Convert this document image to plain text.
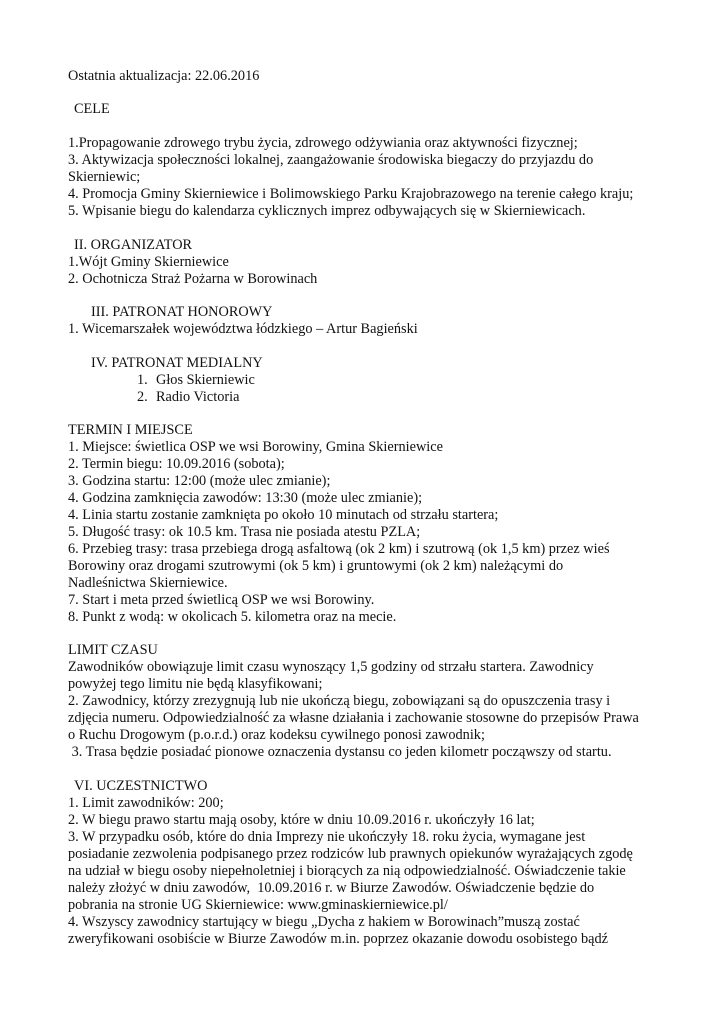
Ostatnia aktualizacja: 22.06.2016
CELE
1.Propagowanie zdrowego trybu życia, zdrowego odżywiania oraz aktywności fizycznej;
3. Aktywizacja społeczności lokalnej, zaangażowanie środowiska biegaczy do przyjazdu do
Skierniewic;
4. Promocja Gminy Skierniewice i Bolimowskiego Parku Krajobrazowego na terenie całego kraju;
5. Wpisanie biegu do kalendarza cyklicznych imprez odbywających się w Skierniewicach.
II. ORGANIZATOR
1.Wójt Gminy Skierniewice
2. Ochotnicza Straż Pożarna w Borowinach
III. PATRONAT HONOROWY
1. Wicemarszałek województwa łódzkiego – Artur Bagieński
IV. PATRONAT MEDIALNY
1. Głos Skierniewic
2. Radio Victoria
TERMIN I MIEJSCE
1. Miejsce: świetlica OSP we wsi Borowiny, Gmina Skierniewice
2. Termin biegu: 10.09.2016 (sobota);
3. Godzina startu: 12:00 (może ulec zmianie);
4. Godzina zamknięcia zawodów: 13:30 (może ulec zmianie);
4. Linia startu zostanie zamknięta po około 10 minutach od strzału startera;
5. Długość trasy: ok 10.5 km. Trasa nie posiada atestu PZLA;
6. Przebieg trasy: trasa przebiega drogą asfaltową (ok 2 km) i szutrową (ok 1,5 km) przez wieś
Borowiny oraz drogami szutrowymi (ok 5 km) i gruntowymi (ok 2 km) należącymi do
Nadleśnictwa Skierniewice.
7. Start i meta przed świetlicą OSP we wsi Borowiny.
8. Punkt z wodą: w okolicach 5. kilometra oraz na mecie.
LIMIT CZASU
Zawodników obowiązuje limit czasu wynoszący 1,5 godziny od strzału startera. Zawodnicy
powyżej tego limitu nie będą klasyfikowani;
2. Zawodnicy, którzy zrezygnują lub nie ukończą biegu, zobowiązani są do opuszczenia trasy i
zdjęcia numeru. Odpowiedzialność za własne działania i zachowanie stosowne do przepisów Prawa
o Ruchu Drogowym (p.o.r.d.) oraz kodeksu cywilnego ponosi zawodnik;
3. Trasa będzie posiadać pionowe oznaczenia dystansu co jeden kilometr począwszy od startu.
VI. UCZESTNICTWO
1. Limit zawodników: 200;
2. W biegu prawo startu mają osoby, które w dniu 10.09.2016 r. ukończyły 16 lat;
3. W przypadku osób, które do dnia Imprezy nie ukończyły 18. roku życia, wymagane jest
posiadanie zezwolenia podpisanego przez rodziców lub prawnych opiekunów wyrażających zgodę
na udział w biegu osoby niepełnoletniej i biorących za nią odpowiedzialność. Oświadczenie takie
należy złożyć w dniu zawodów,  10.09.2016 r. w Biurze Zawodów. Oświadczenie będzie do
pobrania na stronie UG Skierniewice: www.gminaskierniewice.pl/
4. Wszyscy zawodnicy startujący w biegu „Dycha z hakiem w Borowinach”muszą zostać
zweryfikowani osobiście w Biurze Zawodów m.in. poprzez okazanie dowodu osobistego bądź
